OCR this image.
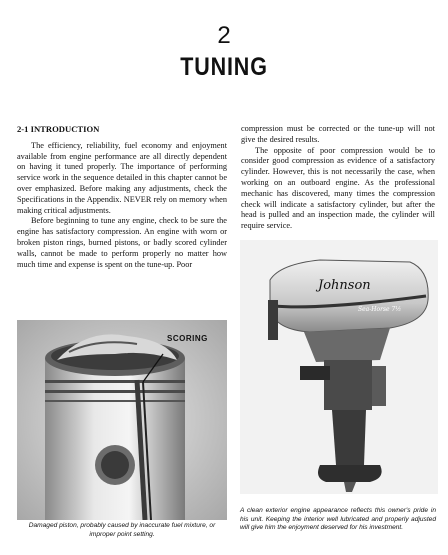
2
TUNING
2-1 INTRODUCTION

The efficiency, reliability, fuel economy and enjoyment available from engine performance are all directly dependent on having it tuned properly. The importance of performing service work in the sequence detailed in this chapter cannot be over emphasized. Before making any adjustments, check the Specifications in the Appendix. NEVER rely on memory when making critical adjustments.

Before beginning to tune any engine, check to be sure the engine has satisfactory compression. An engine with worn or broken piston rings, burned pistons, or badly scored cylinder walls, cannot be made to perform properly no matter how much time and expense is spent on the tune-up. Poor

compression must be corrected or the tune-up will not give the desired results.

The opposite of poor compression would be to consider good compression as evidence of a satisfactory cylinder. However, this is not necessarily the case, when working on an outboard engine. As the professional mechanic has discovered, many times the compression check will indicate a satisfactory cylinder, but after the head is pulled and an inspection made, the cylinder will require service.

SCORING
Damaged piston, probably caused by inaccurate fuel mixture, or improper point setting.
Johnson
Sea-Horse 7½
A clean exterior engine appearance reflects this owner's pride in his unit. Keeping the interior well lubricated and properly adjusted will give him the enjoyment deserved for his investment.
